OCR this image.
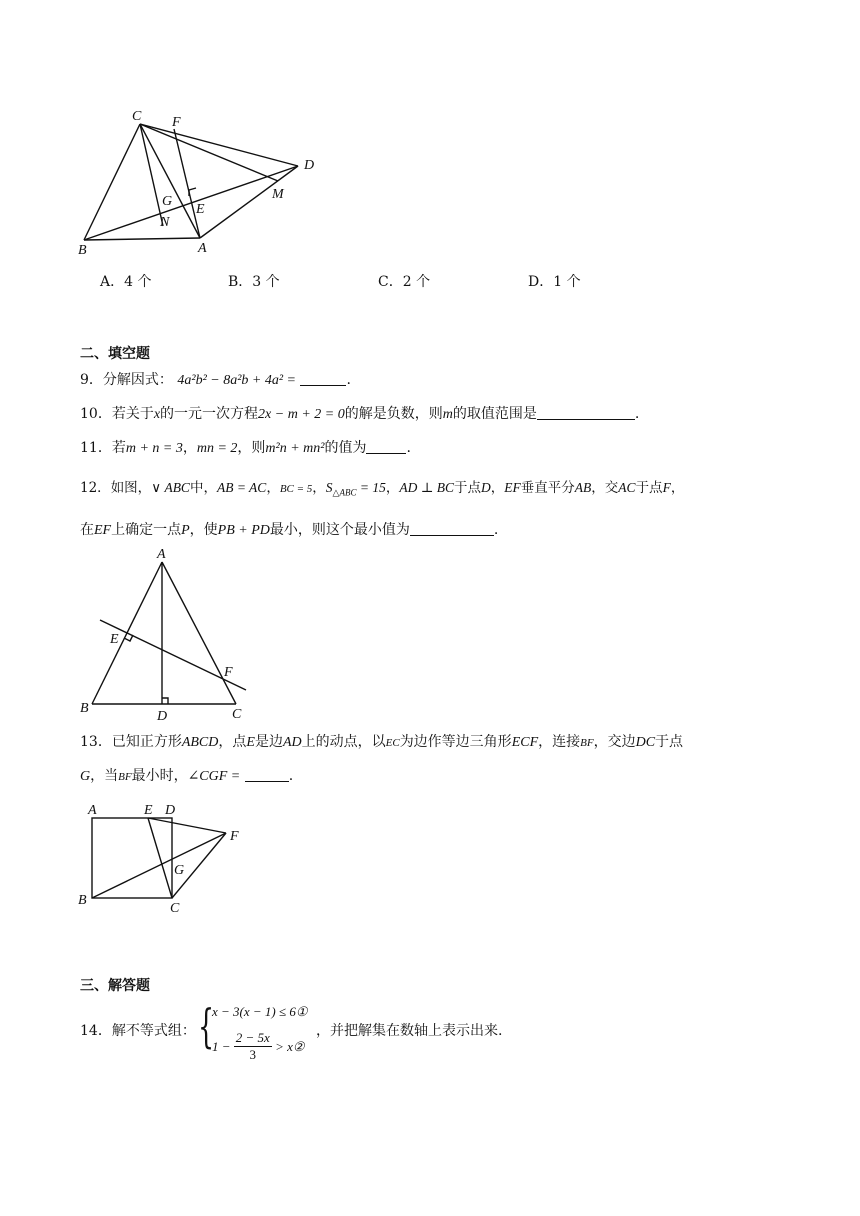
C F
D
M
G
E
N
B	A
A．4 个	B．3 个	C．2 个	D．1 个
二、填空题
9．分解因式： 4a²b² − 8a²b + 4a² =	.
10．若关于x的一元一次方程2x − m + 2 = 0的解是负数，则m的取值范围是	.
11．若m + n = 3，mn = 2，则m²n + mn²的值为	.
12．如图，∨ ABC中，AB = AC，BC = 5，$S_{\triangle ABC} = 15$，AD ⊥ BC于点D，EF垂直平分AB，交AC于点F，
在EF上确定一点P，使PB + PD最小，则这个最小值为	.
A
E
F
B
D	C
13．已知正方形ABCD，点E是边AD上的动点，以EC为边作等边三角形ECF，连接BF，交边DC于点
G，当BF最小时，∠CGF =	.
A	E D
F
G
B
C
三、解答题
14．解不等式组： {
x − 3(x − 1) ≤ 6①
$1 - \frac{2 - 5x}{3}$ > x②
，并把解集在数轴上表示出来.
